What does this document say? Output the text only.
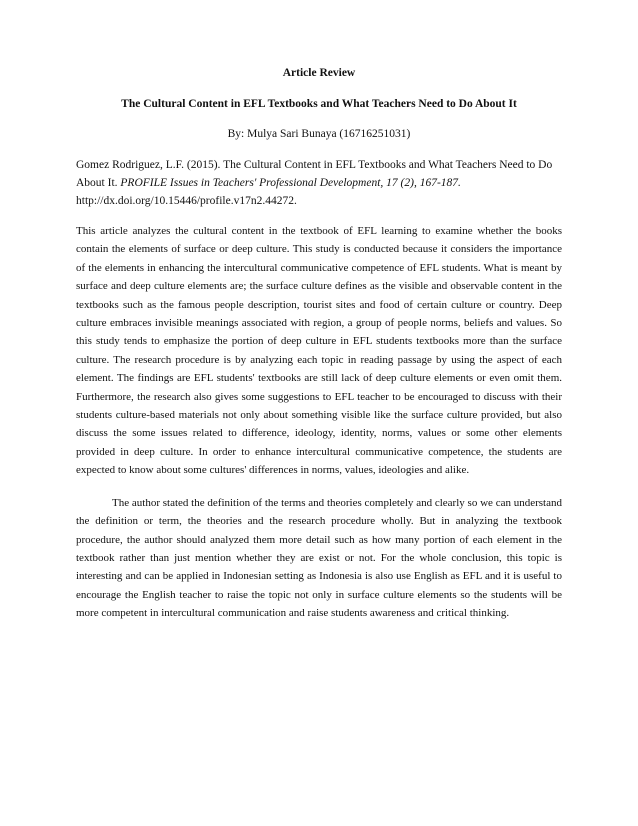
Article Review
The Cultural Content in EFL Textbooks and What Teachers Need to Do About It
By: Mulya Sari Bunaya (16716251031)
Gomez Rodriguez, L.F. (2015). The Cultural Content in EFL Textbooks and What Teachers Need to Do About It. PROFILE Issues in Teachers' Professional Development, 17 (2), 167-187. http://dx.doi.org/10.15446/profile.v17n2.44272.

This article analyzes the cultural content in the textbook of EFL learning to examine whether the books contain the elements of surface or deep culture. This study is conducted because it considers the importance of the elements in enhancing the intercultural communicative competence of EFL students. What is meant by surface and deep culture elements are; the surface culture defines as the visible and observable content in the textbooks such as the famous people description, tourist sites and food of certain culture or country. Deep culture embraces invisible meanings associated with region, a group of people norms, beliefs and values. So this study tends to emphasize the portion of deep culture in EFL students textbooks more than the surface culture. The research procedure is by analyzing each topic in reading passage by using the aspect of each element. The findings are EFL students' textbooks are still lack of deep culture elements or even omit them. Furthermore, the research also gives some suggestions to EFL teacher to be encouraged to discuss with their students culture-based materials not only about something visible like the surface culture provided, but also discuss the some issues related to difference, ideology, identity, norms, values or some other elements provided in deep culture. In order to enhance intercultural communicative competence, the students are expected to know about some cultures' differences in norms, values, ideologies and alike.

The author stated the definition of the terms and theories completely and clearly so we can understand the definition or term, the theories and the research procedure wholly. But in analyzing the textbook procedure, the author should analyzed them more detail such as how many portion of each element in the textbook rather than just mention whether they are exist or not. For the whole conclusion, this topic is interesting and can be applied in Indonesian setting as Indonesia is also use English as EFL and it is useful to encourage the English teacher to raise the topic not only in surface culture elements so the students will be more competent in intercultural communication and raise students awareness and critical thinking.
